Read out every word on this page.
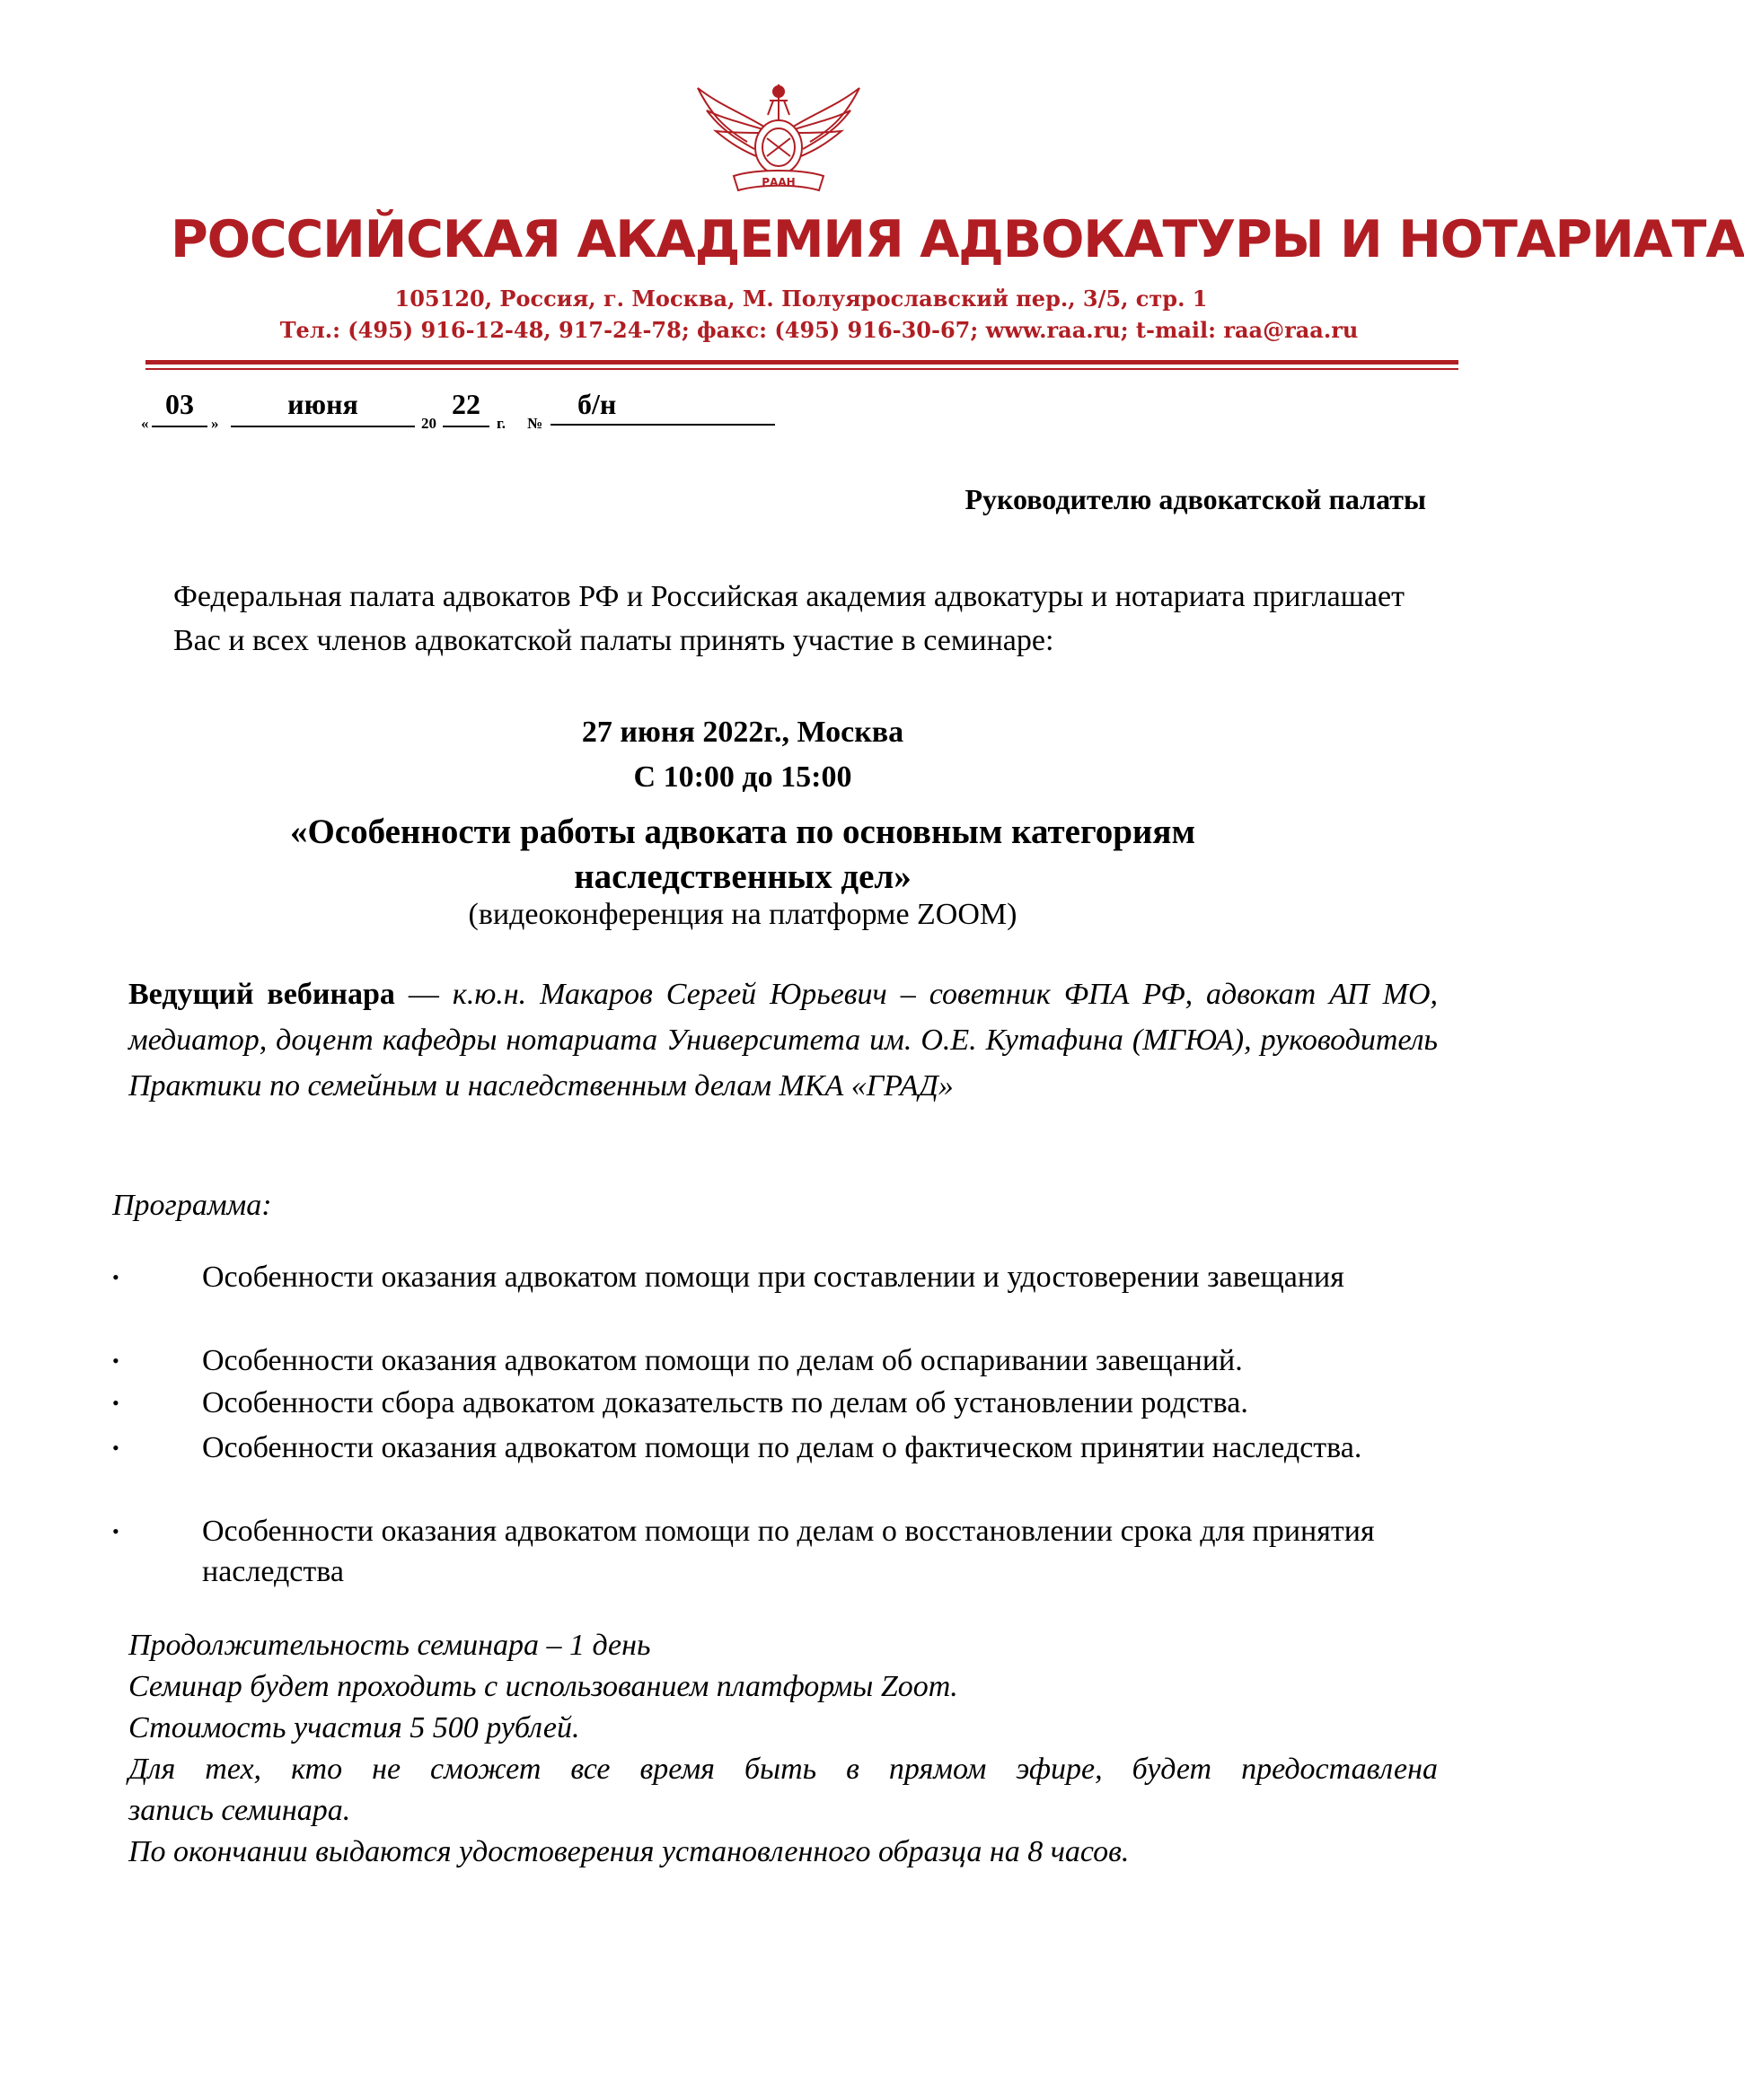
РААН
РОССИЙСКАЯ АКАДЕМИЯ АДВОКАТУРЫ И НОТАРИАТА
105120, Россия, г. Москва, М. Полуярославский пер., 3/5, стр. 1
Тел.: (495) 916-12-48, 917-24-78; факс: (495) 916-30-67; www.raa.ru; t-mail: raa@raa.ru
«
03
»
июня
20
22
г. №
б/н
Руководителю адвокатской палаты
Федеральная палата адвокатов РФ и Российская академия адвокатуры и нотариата приглашает Вас и всех членов адвокатской палаты принять участие в семинаре:
27 июня 2022г., Москва
С 10:00 до 15:00
«Особенности работы адвоката по основным категориям
наследственных дел»
(видеоконференция на платформе ZOOM)
Ведущий вебинара — к.ю.н. Макаров Сергей Юрьевич – советник ФПА РФ, адвокат АП МО, медиатор, доцент кафедры нотариата Университета им. О.Е. Кутафина (МГЮА), руководитель Практики по семейным и наследственным делам МКА «ГРАД»
Программа:
•	Особенности оказания адвокатом помощи при составлении и удостоверении завещания
•	Особенности оказания адвокатом помощи по делам об оспаривании завещаний.
•	Особенности сбора адвокатом доказательств по делам об установлении родства.
•	Особенности оказания адвокатом помощи по делам о фактическом принятии наследства.
•	Особенности оказания адвокатом помощи по делам о восстановлении срока для принятия наследства
Продолжительность семинара – 1 день
Семинар будет проходить с использованием платформы Zoom.
Стоимость участия 5 500 рублей.
Для тех, кто не сможет все время быть в прямом эфире, будет предоставлена
запись семинара.
По окончании выдаются удостоверения установленного образца на 8 часов.
